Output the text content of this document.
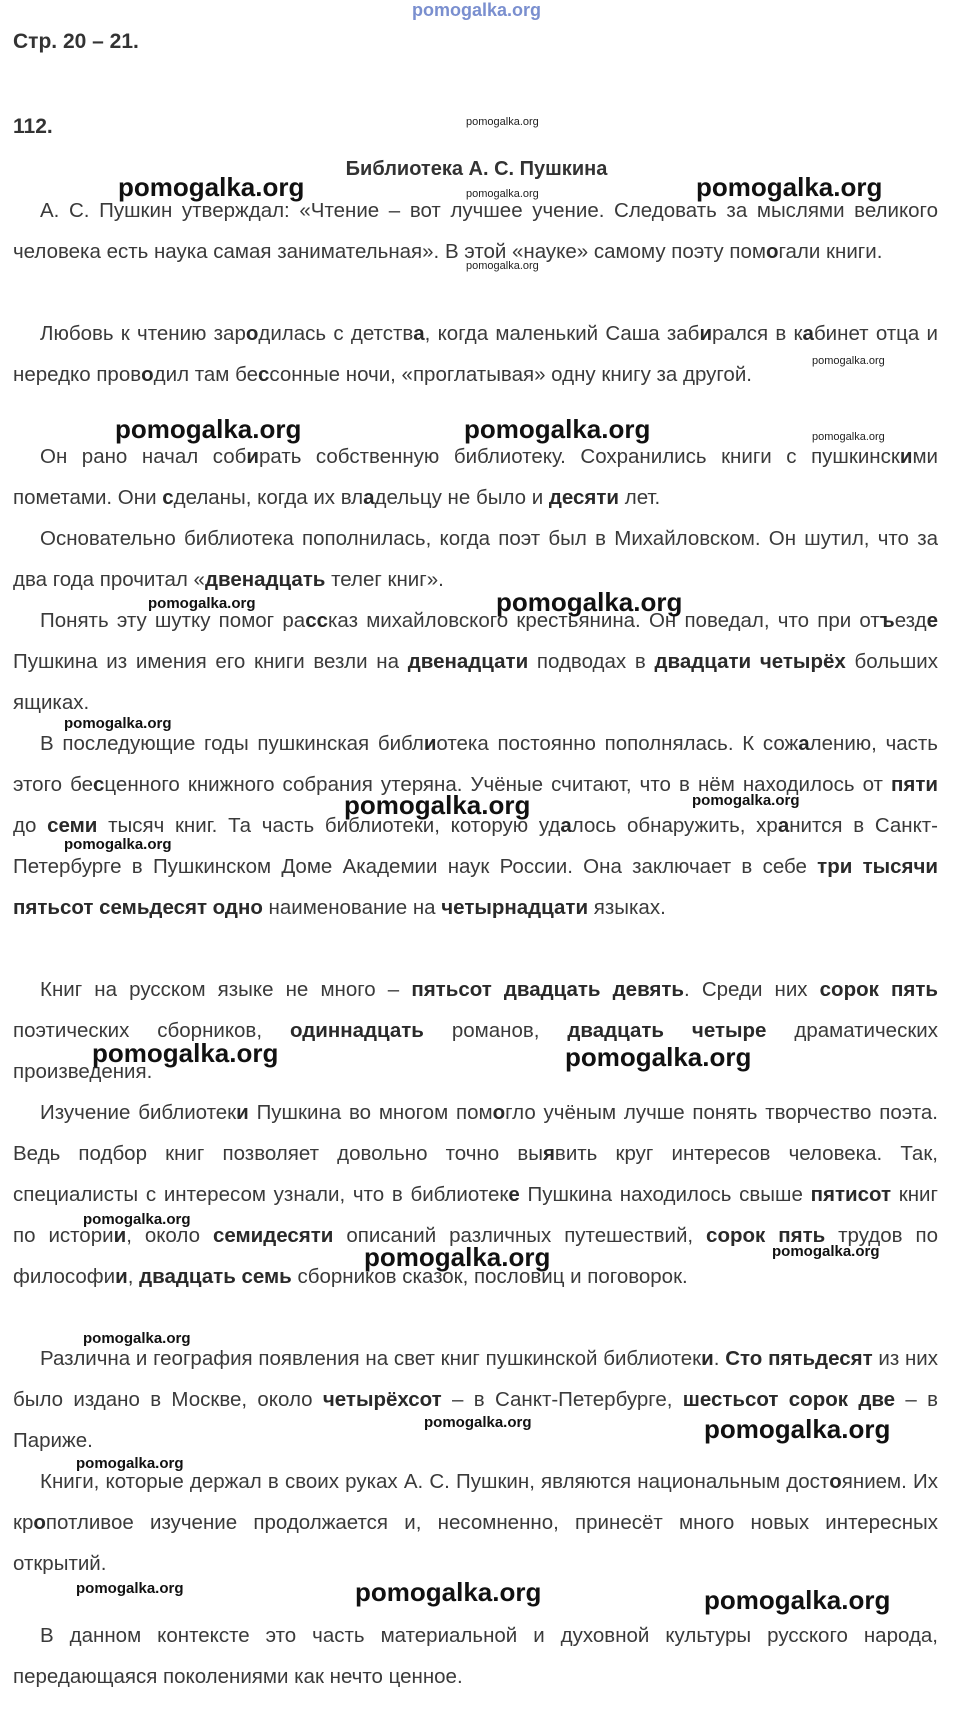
pomogalka.org
Стр. 20 – 21.
112.
Библиотека А. С. Пушкина

А. С. Пушкин утверждал: «Чтение – вот лучшее учение. Следовать за мыслями великого человека есть наука самая занимательная». В этой «науке» самому поэту помогали книги.

Любовь к чтению зародилась с детства, когда маленький Саша забирался в кабинет отца и нередко проводил там бессонные ночи, «проглатывая» одну книгу за другой.

Он рано начал собирать собственную библиотеку. Сохранились книги с пушкинскими пометами. Они сделаны, когда их владельцу не было и десяти лет.

Основательно библиотека пополнилась, когда поэт был в Михайловском. Он шутил, что за два года прочитал «двенадцать телег книг».

Понять эту шутку помог рассказ михайловского крестьянина. Он поведал, что при отъезде Пушкина из имения его книги везли на двенадцати подводах в двадцати четырёх больших ящиках.

В последующие годы пушкинская библиотека постоянно пополнялась. К сожалению, часть этого бесценного книжного собрания утеряна. Учёные считают, что в нём находилось от пяти до семи тысяч книг. Та часть библиотеки, которую удалось обнаружить, хранится в Санкт-Петербурге в Пушкинском Доме Академии наук России. Она заключает в себе три тысячи пятьсот семьдесят одно наименование на четырнадцати языках.

Книг на русском языке не много – пятьсот двадцать девять. Среди них сорок пять поэтических сборников, одиннадцать романов, двадцать четыре драматических произведения.

Изучение библиотеки Пушкина во многом помогло учёным лучше понять творчество поэта. Ведь подбор книг позволяет довольно точно выявить круг интересов человека. Так, специалисты с интересом узнали, что в библиотеке Пушкина находилось свыше пятисот книг по истории, около семидесяти описаний различных путешествий, сорок пять трудов по философии, двадцать семь сборников сказок, пословиц и поговорок.

Различна и география появления на свет книг пушкинской библиотеки. Сто пятьдесят из них было издано в Москве, около четырёхсот – в Санкт-Петербурге, шестьсот сорок две – в Париже.

Книги, которые держал в своих руках А. С. Пушкин, являются национальным достоянием. Их кропотливое изучение продолжается и, несомненно, принесёт много новых интересных открытий.

В данном контексте это часть материальной и духовной культуры русского народа, передающаяся поколениями как нечто ценное.

pomogalka.org
pomogalka.org	pomogalka.org
pomogalka.org
pomogalka.org
pomogalka.org
pomogalka.org	pomogalka.org	pomogalka.org
pomogalka.org	pomogalka.org
pomogalka.org
pomogalka.org	pomogalka.org
pomogalka.org
pomogalka.org	pomogalka.org
pomogalka.org
pomogalka.org	pomogalka.org
pomogalka.org
pomogalka.org	pomogalka.org
pomogalka.org
pomogalka.org	pomogalka.org	pomogalka.org
